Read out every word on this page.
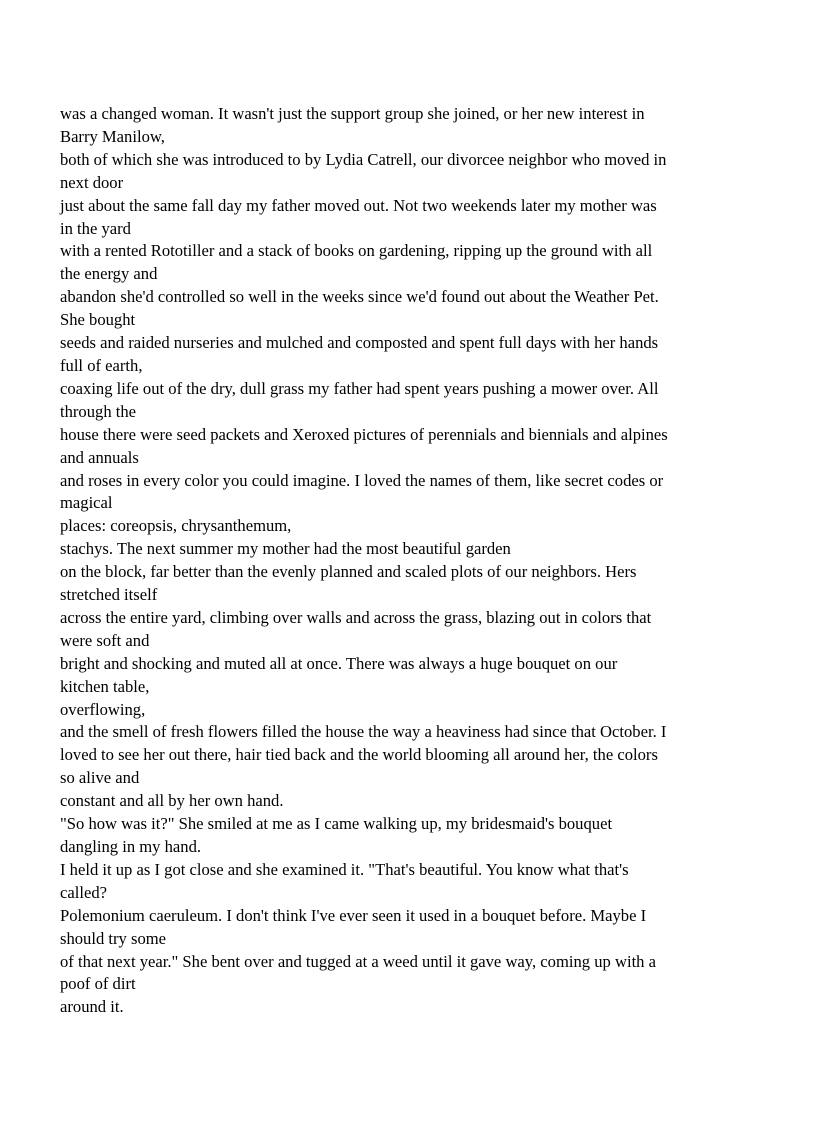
was a changed woman. It wasn't just the support group she joined, or her new interest in
Barry Manilow,
both of which she was introduced to by Lydia Catrell, our divorcee neighbor who moved in
next door
just about the same fall day my father moved out. Not two weekends later my mother was
in the yard
with a rented Rototiller and a stack of books on gardening, ripping up the ground with all
the energy and
abandon she'd controlled so well in the weeks since we'd found out about the Weather Pet.
She bought
seeds and raided nurseries and mulched and composted and spent full days with her hands
full of earth,
coaxing life out of the dry, dull grass my father had spent years pushing a mower over. All
through the
house there were seed packets and Xeroxed pictures of perennials and biennials and alpines
and annuals
and roses in every color you could imagine. I loved the names of them, like secret codes or
magical
places: coreopsis, chrysanthemum,
stachys. The next summer my mother had the most beautiful garden
on the block, far better than the evenly planned and scaled plots of our neighbors. Hers
stretched itself
across the entire yard, climbing over walls and across the grass, blazing out in colors that
were soft and
bright and shocking and muted all at once. There was always a huge bouquet on our
kitchen table,
overflowing,
and the smell of fresh flowers filled the house the way a heaviness had since that October. I
loved to see her out there, hair tied back and the world blooming all around her, the colors
so alive and
constant and all by her own hand.
"So how was it?" She smiled at me as I came walking up, my bridesmaid's bouquet
dangling in my hand.
I held it up as I got close and she examined it. "That's beautiful. You know what that's
called?
Polemonium caeruleum. I don't think I've ever seen it used in a bouquet before. Maybe I
should try some
of that next year." She bent over and tugged at a weed until it gave way, coming up with a
poof of dirt
around it.
